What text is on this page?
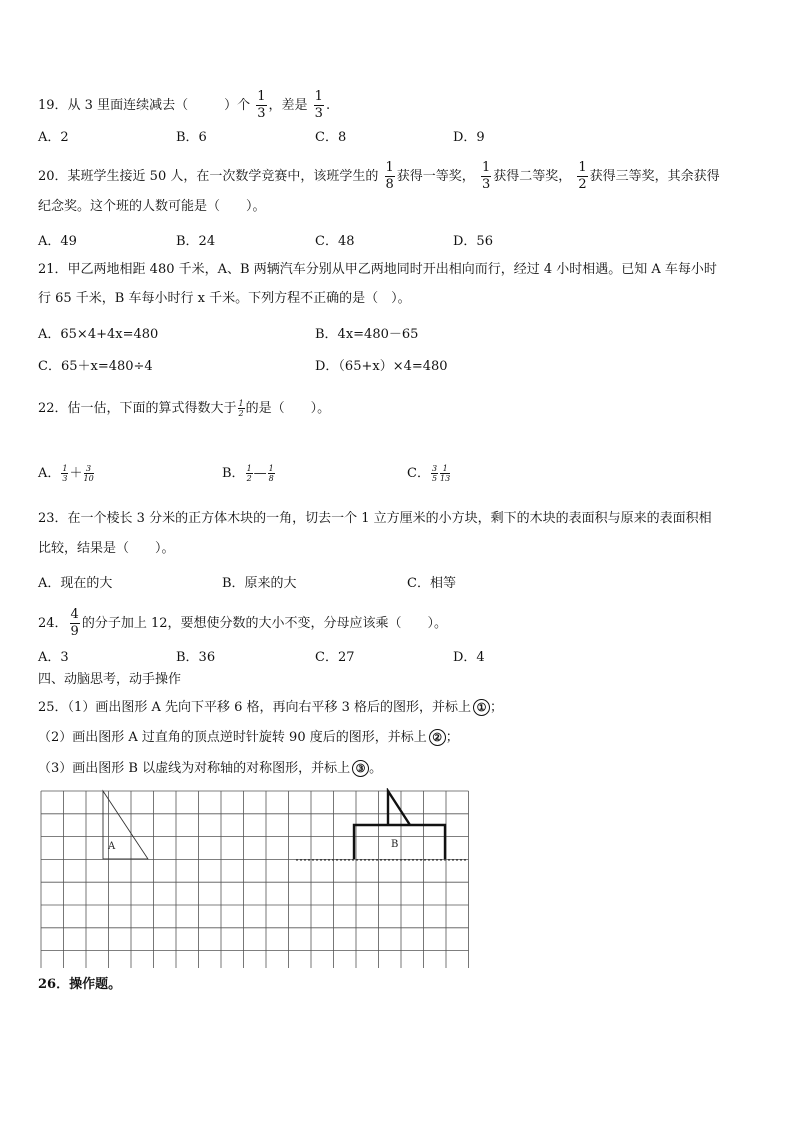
19．从 3 里面连续减去（	）个 $\frac{1}{3}$ ，差是 $\frac{1}{3}$ .
A．2	B．6	C．8	D．9
20．某班学生接近 50 人，在一次数学竞赛中，该班学生的 $\frac{1}{8}$ 获得一等奖， $\frac{1}{3}$ 获得二等奖， $\frac{1}{2}$ 获得三等奖，其余获得
纪念奖。这个班的人数可能是（　　）。
A．49	B．24	C．48	D．56
21．甲乙两地相距 480 千米，A、B 两辆汽车分别从甲乙两地同时开出相向而行，经过 4 小时相遇。已知 A 车每小时
行 65 千米，B 车每小时行 x 千米。下列方程不正确的是（　）。
A．65×4+4x=480	B．4x=480－65
C．65＋x=480÷4	D．（65+x）×4=480
22．估一估，下面的算式得数大于 $\frac{1}{2}$ 的是（　　）。
A． $\frac{1}{3} + \frac{3}{10}$	B． $\frac{1}{2}$ — $\frac{1}{8}$	C． $\frac{3}{5} \frac{1}{13}$
23．在一个棱长 3 分米的正方体木块的一角，切去一个 1 立方厘米的小方块，剩下的木块的表面积与原来的表面积相
比较，结果是（　　）。
A．现在的大	B．原来的大	C．相等
24． $\frac{4}{9}$ 的分子加上 12，要想使分数的大小不变，分母应该乘（　　）。
A．3	B．36	C．27	D．4
四、动脑思考，动手操作
25．（1）画出图形 A 先向下平移 6 格，再向右平移 3 格后的图形，并标上 ① ；
（2）画出图形 A 过直角的顶点逆时针旋转 90 度后的图形，并标上 ② ；
（3）画出图形 B 以虚线为对称轴的对称图形，并标上 ③ 。
A	B
26．操作题。
